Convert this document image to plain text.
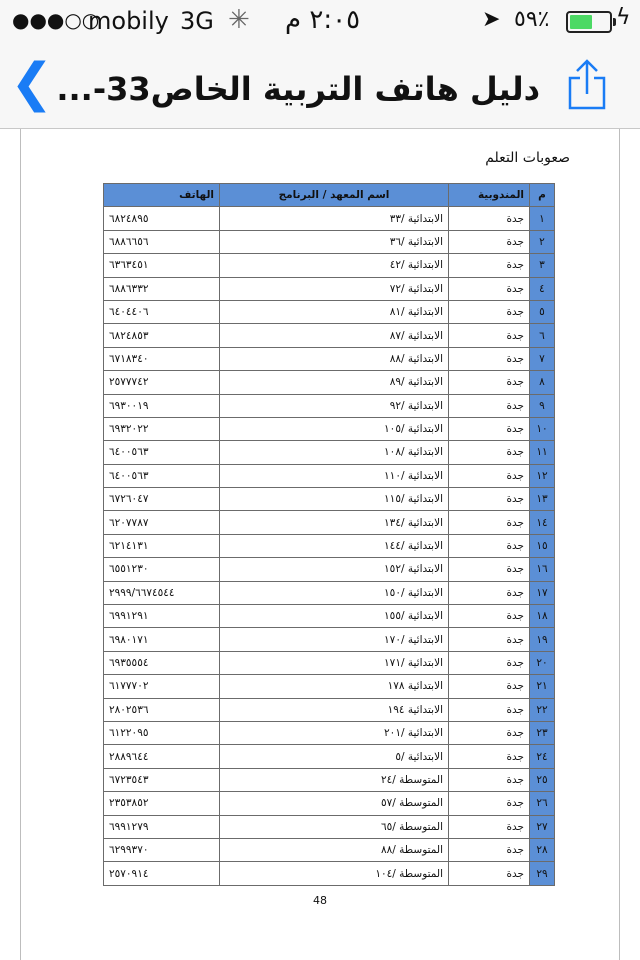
●●●○○
mobily 3G ✳ ٢:٠٥ م	➤ ٪٥٩	ϟ
❮ دليل هاتف التربية الخاص33-...
صعوبات التعلم
م	المندوبية	اسم المعهد / البرنامج	الهاتف
١	جدة	الابتدائية /٣٣	٦٨٢٤٨٩٥
٢	جدة	الابتدائية /٣٦	٦٨٨٦٦٥٦
٣	جدة	الابتدائية /٤٢	٦٣٦٣٤٥١
٤	جدة	الابتدائية /٧٢	٦٨٨٦٣٣٢
٥	جدة	الابتدائية /٨١	٦٤٠٤٤٠٦
٦	جدة	الابتدائية /٨٧	٦٨٢٤٨٥٣
٧	جدة	الابتدائية /٨٨	٦٧١٨٣٤٠
٨	جدة	الابتدائية /٨٩	٢٥٧٧٧٤٢
٩	جدة	الابتدائية /٩٢	٦٩٣٠٠١٩
١٠	جدة	الابتدائية /١٠٥	٦٩٣٢٠٢٢
١١	جدة	الابتدائية /١٠٨	٦٤٠٠٥٦٣
١٢	جدة	الابتدائية /١١٠	٦٤٠٠٥٦٣
١٣	جدة	الابتدائية /١١٥	٦٧٢٦٠٤٧
١٤	جدة	الابتدائية /١٣٤	٦٢٠٧٧٨٧
١٥	جدة	الابتدائية /١٤٤	٦٢١٤١٣١
١٦	جدة	الابتدائية /١٥٢	٦٥٥١٢٣٠
١٧	جدة	الابتدائية /١٥٠	٢٩٩٩/٦٦٧٤٥٤٤
١٨	جدة	الابتدائية /١٥٥	٦٩٩١٢٩١
١٩	جدة	الابتدائية /١٧٠	٦٩٨٠١٧١
٢٠	جدة	الابتدائية /١٧١	٦٩٣٥٥٥٤
٢١	جدة	الابتدائية ١٧٨	٦١٧٧٧٠٢
٢٢	جدة	الابتدائية ١٩٤	٢٨٠٢٥٣٦
٢٣	جدة	الابتدائية /٢٠١	٦١٢٢٠٩٥
٢٤	جدة	الابتدائية /٥	٢٨٨٩٦٤٤
٢٥	جدة	المتوسطة /٢٤	٦٧٢٣٥٤٣
٢٦	جدة	المتوسطة /٥٧	٢٣٥٣٨٥٢
٢٧	جدة	المتوسطة /٦٥	٦٩٩١٢٧٩
٢٨	جدة	المتوسطة /٨٨	٦٢٩٩٣٧٠
٢٩	جدة	المتوسطة /١٠٤	٢٥٧٠٩١٤
48
